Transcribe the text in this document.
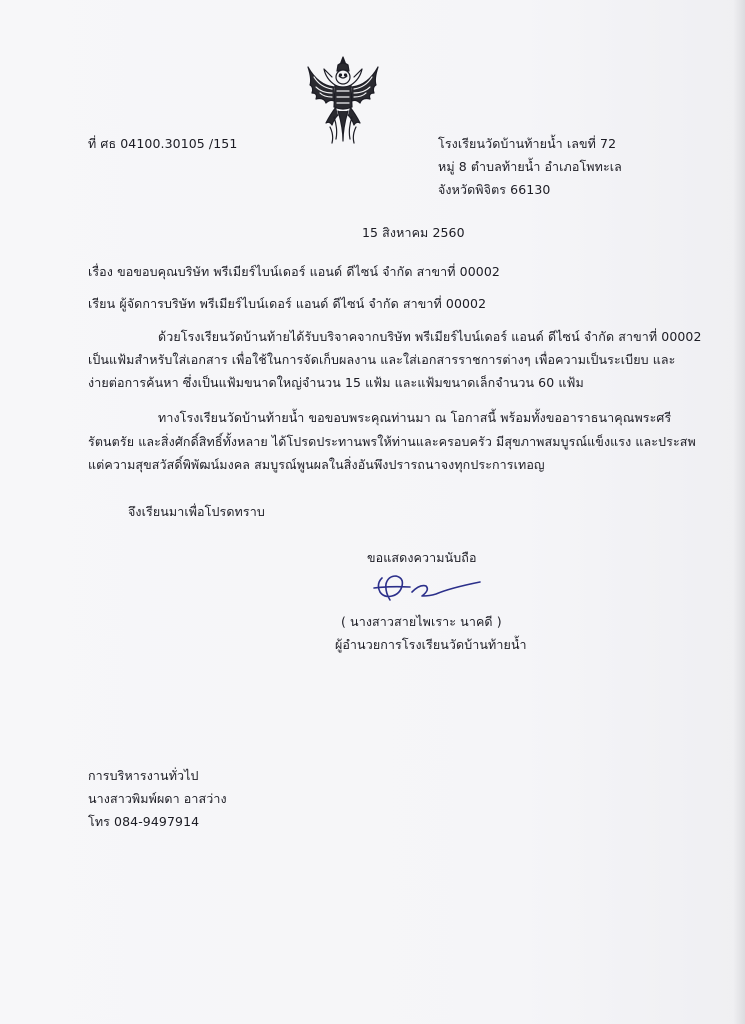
ที่ ศธ 04100.30105 /151	โรงเรียนวัดบ้านท้ายน้ำ เลขที่ 72
หมู่ 8 ตำบลท้ายน้ำ อำเภอโพทะเล
จังหวัดพิจิตร 66130
15 สิงหาคม 2560
เรื่อง ขอขอบคุณบริษัท พรีเมียร์ไบน์เดอร์ แอนด์ ดีไซน์ จำกัด สาขาที่ 00002
เรียน ผู้จัดการบริษัท พรีเมียร์ไบน์เดอร์ แอนด์ ดีไซน์ จำกัด สาขาที่ 00002
ด้วยโรงเรียนวัดบ้านท้ายได้รับบริจาคจากบริษัท พรีเมียร์ไบน์เดอร์ แอนด์ ดีไซน์ จำกัด สาขาที่ 00002
เป็นแฟ้มสำหรับใส่เอกสาร เพื่อใช้ในการจัดเก็บผลงาน และใส่เอกสารราชการต่างๆ เพื่อความเป็นระเบียบ และ
ง่ายต่อการค้นหา ซึ่งเป็นแฟ้มขนาดใหญ่จำนวน 15 แฟ้ม และแฟ้มขนาดเล็กจำนวน 60 แฟ้ม
ทางโรงเรียนวัดบ้านท้ายน้ำ ขอขอบพระคุณท่านมา ณ โอกาสนี้ พร้อมทั้งขออาราธนาคุณพระศรี
รัตนตรัย และสิ่งศักดิ์สิทธิ์ทั้งหลาย ได้โปรดประทานพรให้ท่านและครอบครัว มีสุขภาพสมบูรณ์แข็งแรง และประสพ
แต่ความสุขสวัสดิ์พิพัฒน์มงคล สมบูรณ์พูนผลในสิ่งอันพึงปรารถนาจงทุกประการเทอญ
จึงเรียนมาเพื่อโปรดทราบ
ขอแสดงความนับถือ
( นางสาวสายไพเราะ นาคดี )
ผู้อำนวยการโรงเรียนวัดบ้านท้ายน้ำ
การบริหารงานทั่วไป
นางสาวพิมพ์ผดา อาสว่าง
โทร 084-9497914
